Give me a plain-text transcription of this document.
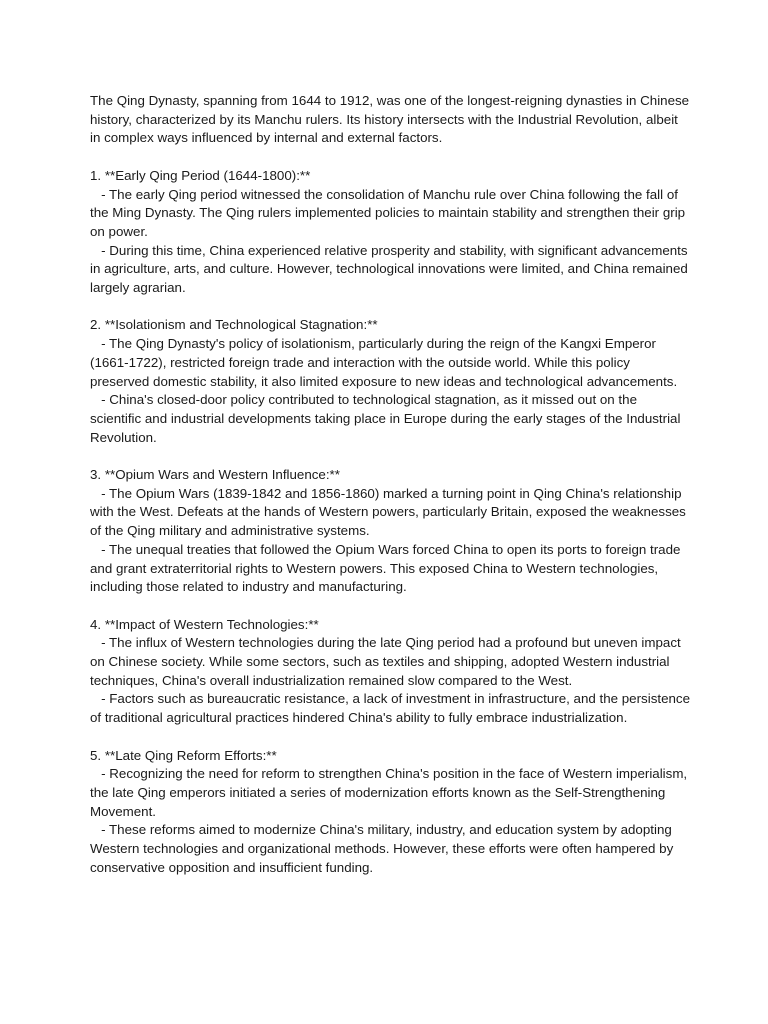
The Qing Dynasty, spanning from 1644 to 1912, was one of the longest-reigning dynasties in Chinese history, characterized by its Manchu rulers. Its history intersects with the Industrial Revolution, albeit in complex ways influenced by internal and external factors.

1. **Early Qing Period (1644-1800):**

- The early Qing period witnessed the consolidation of Manchu rule over China following the fall of the Ming Dynasty. The Qing rulers implemented policies to maintain stability and strengthen their grip on power.

- During this time, China experienced relative prosperity and stability, with significant advancements in agriculture, arts, and culture. However, technological innovations were limited, and China remained largely agrarian.

2. **Isolationism and Technological Stagnation:**

- The Qing Dynasty's policy of isolationism, particularly during the reign of the Kangxi Emperor (1661-1722), restricted foreign trade and interaction with the outside world. While this policy preserved domestic stability, it also limited exposure to new ideas and technological advancements.

- China's closed-door policy contributed to technological stagnation, as it missed out on the scientific and industrial developments taking place in Europe during the early stages of the Industrial Revolution.

3. **Opium Wars and Western Influence:**

- The Opium Wars (1839-1842 and 1856-1860) marked a turning point in Qing China's relationship with the West. Defeats at the hands of Western powers, particularly Britain, exposed the weaknesses of the Qing military and administrative systems.

- The unequal treaties that followed the Opium Wars forced China to open its ports to foreign trade and grant extraterritorial rights to Western powers. This exposed China to Western technologies, including those related to industry and manufacturing.

4. **Impact of Western Technologies:**

- The influx of Western technologies during the late Qing period had a profound but uneven impact on Chinese society. While some sectors, such as textiles and shipping, adopted Western industrial techniques, China's overall industrialization remained slow compared to the West.

- Factors such as bureaucratic resistance, a lack of investment in infrastructure, and the persistence of traditional agricultural practices hindered China's ability to fully embrace industrialization.

5. **Late Qing Reform Efforts:**

- Recognizing the need for reform to strengthen China's position in the face of Western imperialism, the late Qing emperors initiated a series of modernization efforts known as the Self-Strengthening Movement.

- These reforms aimed to modernize China's military, industry, and education system by adopting Western technologies and organizational methods. However, these efforts were often hampered by conservative opposition and insufficient funding.
